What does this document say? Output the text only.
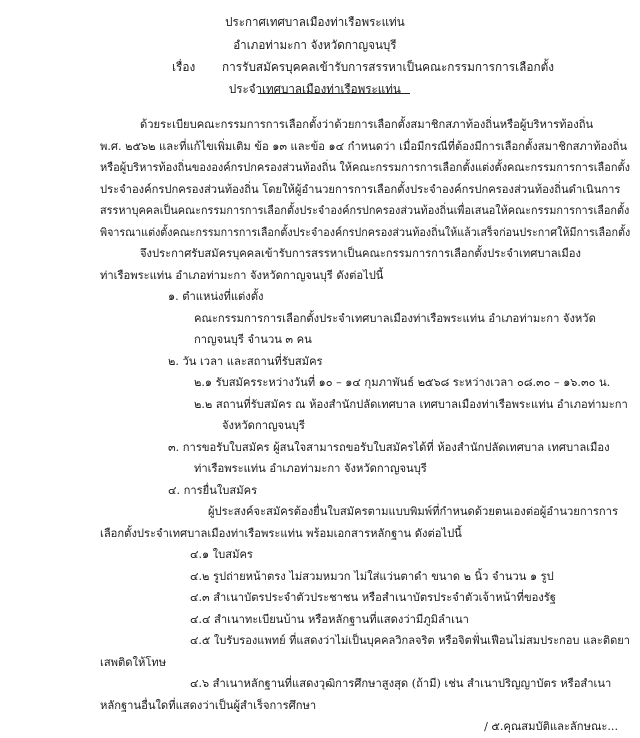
ประกาศเทศบาลเมืองท่าเรือพระแท่น
อำเภอท่ามะกา จังหวัดกาญจนบุรี
เรื่อง การรับสมัครบุคคลเข้ารับการสรรหาเป็นคณะกรรมการการเลือกตั้ง
ประจำเทศบาลเมืองท่าเรือพระแท่น
ด้วยระเบียบคณะกรรมการการเลือกตั้งว่าด้วยการเลือกตั้งสมาชิกสภาท้องถิ่นหรือผู้บริหารท้องถิ่น
พ.ศ. ๒๕๖๒ และที่แก้ไขเพิ่มเติม ข้อ ๑๓ และข้อ ๑๔ กำหนดว่า เมื่อมีกรณีที่ต้องมีการเลือกตั้งสมาชิกสภาท้องถิ่น
หรือผู้บริหารท้องถิ่นขององค์กรปกครองส่วนท้องถิ่น ให้คณะกรรมการการเลือกตั้งแต่งตั้งคณะกรรมการการเลือกตั้ง
ประจำองค์กรปกครองส่วนท้องถิ่น โดยให้ผู้อำนวยการการเลือกตั้งประจำองค์กรปกครองส่วนท้องถิ่นดำเนินการ
สรรหาบุคคลเป็นคณะกรรมการการเลือกตั้งประจำองค์กรปกครองส่วนท้องถิ่นเพื่อเสนอให้คณะกรรมการการเลือกตั้ง
พิจารณาแต่งตั้งคณะกรรมการการเลือกตั้งประจำองค์กรปกครองส่วนท้องถิ่นให้แล้วเสร็จก่อนประกาศให้มีการเลือกตั้ง
จึงประกาศรับสมัครบุคคลเข้ารับการสรรหาเป็นคณะกรรมการการเลือกตั้งประจำเทศบาลเมือง
ท่าเรือพระแท่น อำเภอท่ามะกา จังหวัดกาญจนบุรี ดังต่อไปนี้
๑. ตำแหน่งที่แต่งตั้ง
คณะกรรมการการเลือกตั้งประจำเทศบาลเมืองท่าเรือพระแท่น อำเภอท่ามะกา จังหวัด
กาญจนบุรี จำนวน ๓ คน
๒. วัน เวลา และสถานที่รับสมัคร
๒.๑ รับสมัครระหว่างวันที่ ๑๐ – ๑๔ กุมภาพันธ์ ๒๕๖๘ ระหว่างเวลา ๐๘.๓๐ – ๑๖.๓๐ น.
๒.๒ สถานที่รับสมัคร ณ ห้องสำนักปลัดเทศบาล เทศบาลเมืองท่าเรือพระแท่น อำเภอท่ามะกา
จังหวัดกาญจนบุรี
๓. การขอรับใบสมัคร ผู้สนใจสามารถขอรับใบสมัครได้ที่ ห้องสำนักปลัดเทศบาล เทศบาลเมือง
ท่าเรือพระแท่น อำเภอท่ามะกา จังหวัดกาญจนบุรี
๔. การยื่นใบสมัคร
ผู้ประสงค์จะสมัครต้องยื่นใบสมัครตามแบบพิมพ์ที่กำหนดด้วยตนเองต่อผู้อำนวยการการ
เลือกตั้งประจำเทศบาลเมืองท่าเรือพระแท่น พร้อมเอกสารหลักฐาน ดังต่อไปนี้
๔.๑ ใบสมัคร
๔.๒ รูปถ่ายหน้าตรง ไม่สวมหมวก ไม่ใส่แว่นตาดำ ขนาด ๒ นิ้ว จำนวน ๑ รูป
๔.๓ สำเนาบัตรประจำตัวประชาชน หรือสำเนาบัตรประจำตัวเจ้าหน้าที่ของรัฐ
๔.๔ สำเนาทะเบียนบ้าน หรือหลักฐานที่แสดงว่ามีภูมิลำเนา
๔.๕ ใบรับรองแพทย์ ที่แสดงว่าไม่เป็นบุคคลวิกลจริต หรือจิตฟั่นเฟือนไม่สมประกอบ และติดยา
เสพติดให้โทษ
๔.๖ สำเนาหลักฐานที่แสดงวุฒิการศึกษาสูงสุด (ถ้ามี) เช่น สำเนาปริญญาบัตร หรือสำเนา
หลักฐานอื่นใดที่แสดงว่าเป็นผู้สำเร็จการศึกษา
/ ๕.คุณสมบัติและลักษณะ...
